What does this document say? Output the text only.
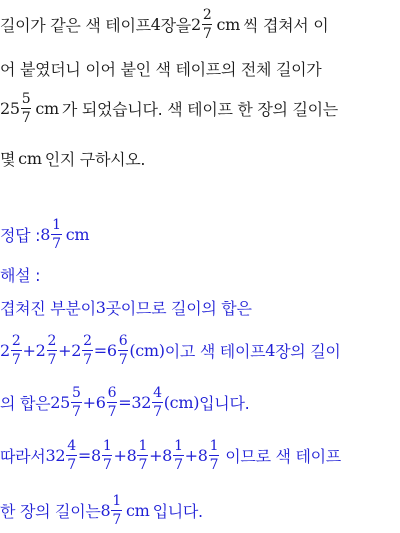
길이가 같은 색 테이프 4 장을 $2 \frac{2}{7}$ cm 씩 겹쳐서 이
어 붙였더니 이어 붙인 색 테이프의 전체 길이가
$25 \frac{5}{7}$ cm 가 되었습니다. 색 테이프 한 장의 길이는
몇 cm 인지 구하시오.
정답 : $8 \frac{1}{7}$ cm
해설 :
겹쳐진 부분이 3 곳이므로 길이의 합은
$2 \frac{2}{7} + 2 \frac{2}{7} + 2 \frac{2}{7} = 6 \frac{6}{7} (cm)$ 이고 색 테이프 4 장의 길이
의 합은 $25 \frac{5}{7} + 6 \frac{6}{7} = 32 \frac{4}{7} (cm)$ 입니다.
따라서 $32 \frac{4}{7} = 8 \frac{1}{7} + 8 \frac{1}{7} + 8 \frac{1}{7} + 8 \frac{1}{7}$ 이므로 색 테이프
한 장의 길이는 $8 \frac{1}{7}$ cm 입니다.
